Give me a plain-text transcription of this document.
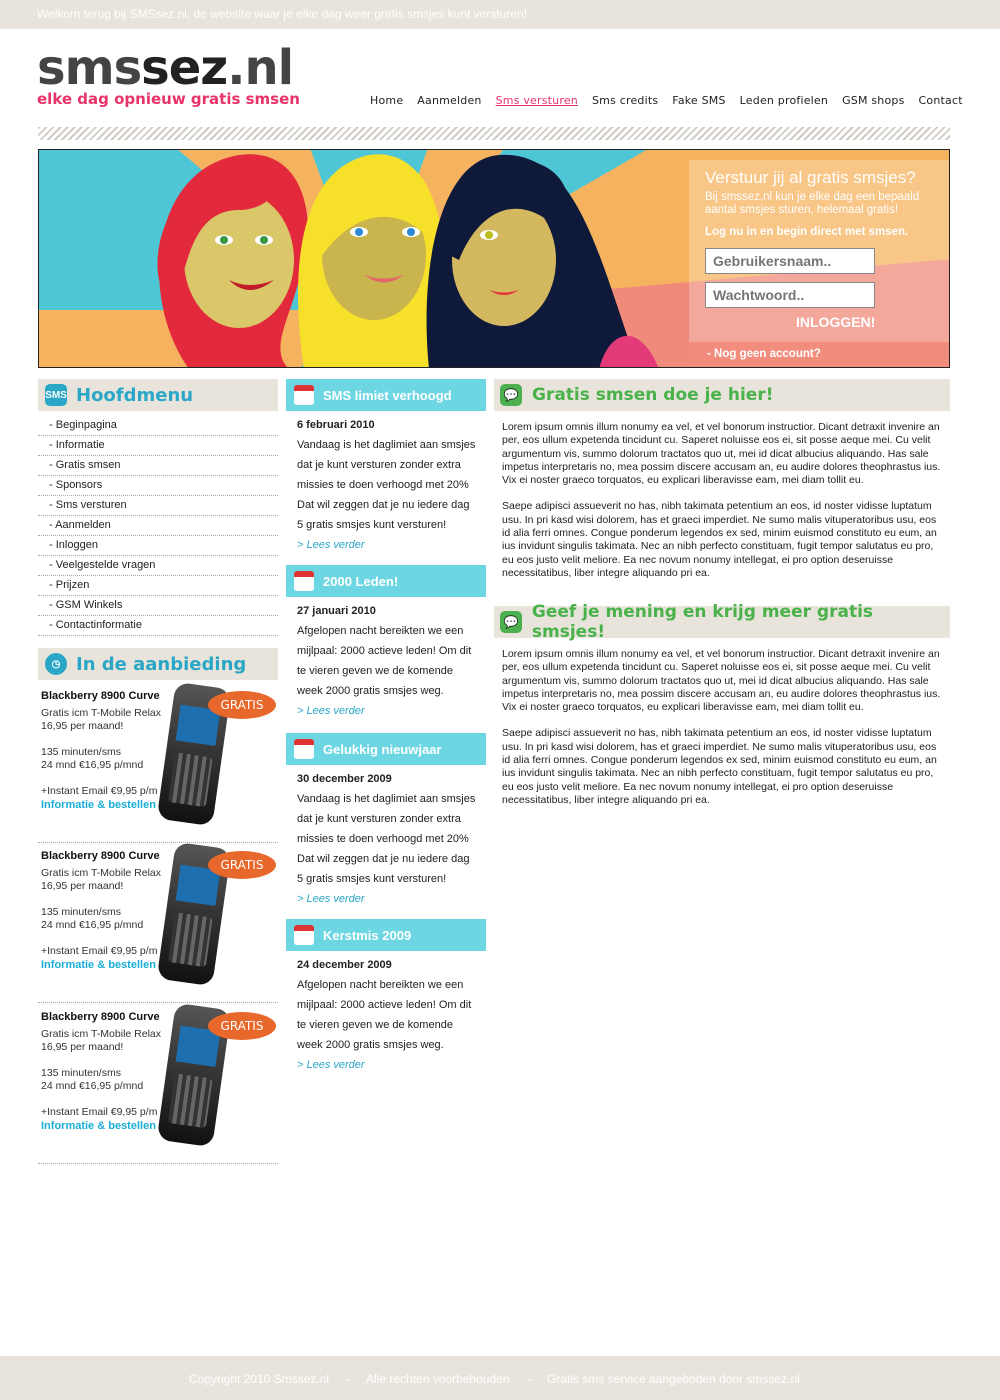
Welkom terug bij SMSsez.nl, de website waar je elke dag weer gratis smsjes kunt versturen!
smssez.nl
elke dag opnieuw gratis smsen	Home Aanmelden Sms versturen Sms credits Fake SMS Leden profielen GSM shops Contact
Verstuur jij al gratis smsjes?
Bij smssez.nl kun je elke dag een bepaald aantal smsjes sturen, helemaal gratis!
Log nu in en begin direct met smsen.
Gebruikersnaam..
INLOGGEN!
- Nog geen account?
SMS Hoofdmenu
- Beginpagina
- Informatie
- Gratis smsen
- Sponsors
- Sms versturen
- Aanmelden
- Inloggen
- Veelgestelde vragen
- Prijzen
- GSM Winkels
- Contactinformatie
◷ In de aanbieding
Blackberry 8900 Curve
Gratis icm T-Mobile Relax
16,95 per maand!

135 minuten/sms
24 mnd €16,95 p/mnd

+Instant Email €9,95 p/m
Informatie & bestellen
GRATIS
Blackberry 8900 Curve
Gratis icm T-Mobile Relax
16,95 per maand!

135 minuten/sms
24 mnd €16,95 p/mnd

+Instant Email €9,95 p/m
Informatie & bestellen
GRATIS
Blackberry 8900 Curve
Gratis icm T-Mobile Relax
16,95 per maand!

135 minuten/sms
24 mnd €16,95 p/mnd

+Instant Email €9,95 p/m
Informatie & bestellen
GRATIS
SMS limiet verhoogd
6 februari 2010
Vandaag is het daglimiet aan smsjes dat je kunt versturen zonder extra missies te doen verhoogd met 20% Dat wil zeggen dat je nu iedere dag 5 gratis smsjes kunt versturen!
> Lees verder
2000 Leden!
27 januari 2010
Afgelopen nacht bereikten we een mijlpaal: 2000 actieve leden! Om dit te vieren geven we de komende week 2000 gratis smsjes weg.
> Lees verder
Gelukkig nieuwjaar
30 december 2009
Vandaag is het daglimiet aan smsjes dat je kunt versturen zonder extra missies te doen verhoogd met 20% Dat wil zeggen dat je nu iedere dag 5 gratis smsjes kunt versturen!
> Lees verder
Kerstmis 2009
24 december 2009
Afgelopen nacht bereikten we een mijlpaal: 2000 actieve leden! Om dit te vieren geven we de komende week 2000 gratis smsjes weg.
> Lees verder
💬 Gratis smsen doe je hier!

Lorem ipsum omnis illum nonumy ea vel, et vel bonorum instructior. Dicant detraxit invenire an per, eos ullum expetenda tincidunt cu. Saperet noluisse eos ei, sit posse aeque mei. Cu velit argumentum vis, summo dolorum tractatos quo ut, mei id dicat albucius aliquando. Has sale impetus interpretaris no, mea possim discere accusam an, eu audire dolores theophrastus ius. Vix ei noster graeco torquatos, eu explicari liberavisse eam, mei diam tollit eu.

Saepe adipisci assueverit no has, nibh takimata petentium an eos, id noster vidisse luptatum usu. In pri kasd wisi dolorem, has et graeci imperdiet. Ne sumo malis vituperatoribus usu, eos id alia ferri omnes. Congue ponderum legendos ex sed, minim euismod constituto eu eum, an ius invidunt singulis takimata. Nec an nibh perfecto constituam, fugit tempor salutatus eu pro, eu eos justo velit meliore. Ea nec novum nonumy intellegat, ei pro option deseruisse necessitatibus, liber integre aliquando pri ea.

💬 Geef je mening en krijg meer gratis smsjes!

Lorem ipsum omnis illum nonumy ea vel, et vel bonorum instructior. Dicant detraxit invenire an per, eos ullum expetenda tincidunt cu. Saperet noluisse eos ei, sit posse aeque mei. Cu velit argumentum vis, summo dolorum tractatos quo ut, mei id dicat albucius aliquando. Has sale impetus interpretaris no, mea possim discere accusam an, eu audire dolores theophrastus ius. Vix ei noster graeco torquatos, eu explicari liberavisse eam, mei diam tollit eu.

Saepe adipisci assueverit no has, nibh takimata petentium an eos, id noster vidisse luptatum usu. In pri kasd wisi dolorem, has et graeci imperdiet. Ne sumo malis vituperatoribus usu, eos id alia ferri omnes. Congue ponderum legendos ex sed, minim euismod constituto eu eum, an ius invidunt singulis takimata. Nec an nibh perfecto constituam, fugit tempor salutatus eu pro, eu eos justo velit meliore. Ea nec novum nonumy intellegat, ei pro option deseruisse necessitatibus, liber integre aliquando pri ea.

Copyright 2010 Smssez.nl - Alle rechten voorbehouden - Gratis sms service aangeboden door smssez.nl
